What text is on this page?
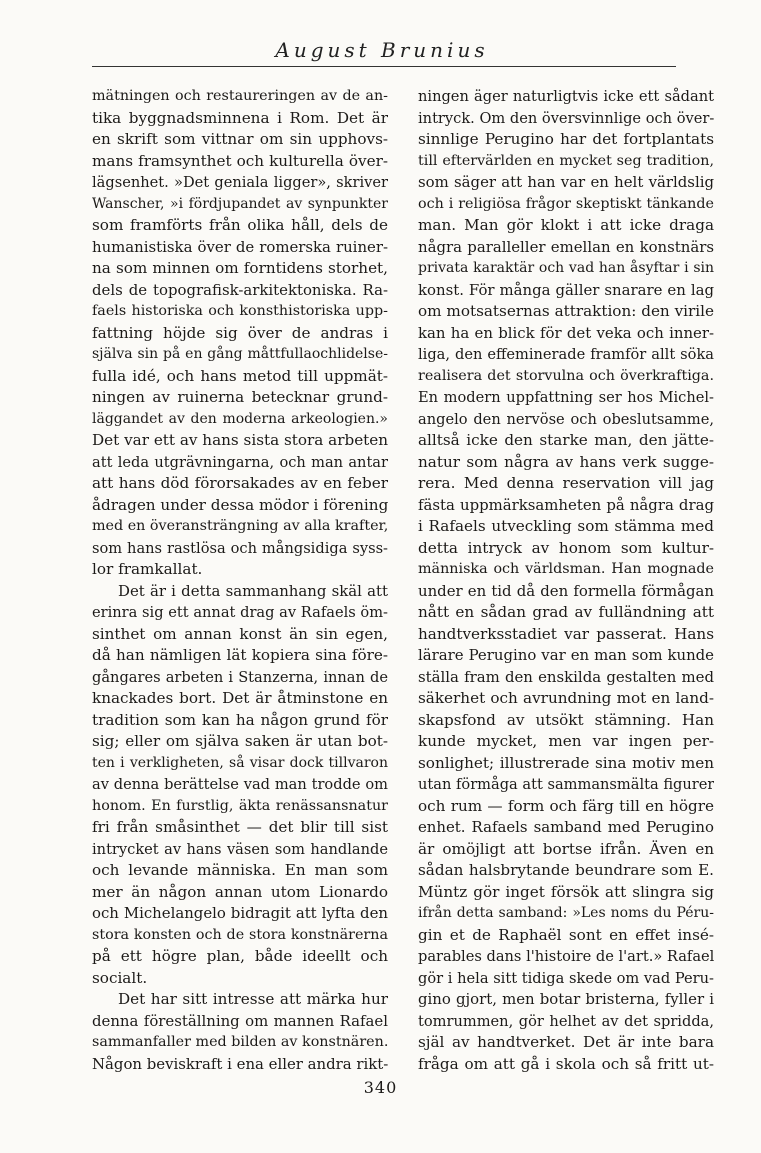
August Brunius
mätningen och restaureringen av de an-
tika byggnadsminnena i Rom. Det är
en skrift som vittnar om sin upphovs-
mans framsynthet och kulturella över-
lägsenhet. »Det geniala ligger», skriver
Wanscher, »i fördjupandet av synpunkter
som framförts från olika håll, dels de
humanistiska över de romerska ruiner-
na som minnen om forntidens storhet,
dels de topografisk-arkitektoniska. Ra-
faels historiska och konsthistoriska upp-
fattning höjde sig över de andras i
själva sin på en gång måttfullaochlidelse-
fulla idé, och hans metod till uppmät-
ningen av ruinerna betecknar grund-
läggandet av den moderna arkeologien.»
Det var ett av hans sista stora arbeten
att leda utgrävningarna, och man antar
att hans död förorsakades av en feber
ådragen under dessa mödor i förening
med en överansträngning av alla krafter,
som hans rastlösa och mångsidiga syss-
lor framkallat.
Det är i detta sammanhang skäl att
erinra sig ett annat drag av Rafaels öm-
sinthet om annan konst än sin egen,
då han nämligen lät kopiera sina före-
gångares arbeten i Stanzerna, innan de
knackades bort. Det är åtminstone en
tradition som kan ha någon grund för
sig; eller om själva saken är utan bot-
ten i verkligheten, så visar dock tillvaron
av denna berättelse vad man trodde om
honom. En furstlig, äkta renässansnatur
fri från småsinthet — det blir till sist
intrycket av hans väsen som handlande
och levande människa. En man som
mer än någon annan utom Lionardo
och Michelangelo bidragit att lyfta den
stora konsten och de stora konstnärerna
på ett högre plan, både ideellt och
socialt.
Det har sitt intresse att märka hur
denna föreställning om mannen Rafael
sammanfaller med bilden av konstnären.
Någon beviskraft i ena eller andra rikt-
ningen äger naturligtvis icke ett sådant
intryck. Om den översvinnlige och över-
sinnlige Perugino har det fortplantats
till eftervärlden en mycket seg tradition,
som säger att han var en helt världslig
och i religiösa frågor skeptiskt tänkande
man. Man gör klokt i att icke draga
några paralleller emellan en konstnärs
privata karaktär och vad han åsyftar i sin
konst. För många gäller snarare en lag
om motsatsernas attraktion: den virile
kan ha en blick för det veka och inner-
liga, den effeminerade framför allt söka
realisera det storvulna och överkraftiga.
En modern uppfattning ser hos Michel-
angelo den nervöse och obeslutsamme,
alltså icke den starke man, den jätte-
natur som några av hans verk sugge-
rera. Med denna reservation vill jag
fästa uppmärksamheten på några drag
i Rafaels utveckling som stämma med
detta intryck av honom som kultur-
människa och världsman. Han mognade
under en tid då den formella förmågan
nått en sådan grad av fulländning att
handtverksstadiet var passerat. Hans
lärare Perugino var en man som kunde
ställa fram den enskilda gestalten med
säkerhet och avrundning mot en land-
skapsfond av utsökt stämning. Han
kunde mycket, men var ingen per-
sonlighet; illustrerade sina motiv men
utan förmåga att sammansmälta figurer
och rum — form och färg till en högre
enhet. Rafaels samband med Perugino
är omöjligt att bortse ifrån. Även en
sådan halsbrytande beundrare som E.
Müntz gör inget försök att slingra sig
ifrån detta samband: »Les noms du Péru-
gin et de Raphaël sont en effet insé-
parables dans l'histoire de l'art.» Rafael
gör i hela sitt tidiga skede om vad Peru-
gino gjort, men botar bristerna, fyller i
tomrummen, gör helhet av det spridda,
själ av handtverket. Det är inte bara
fråga om att gå i skola och så fritt ut-
340
